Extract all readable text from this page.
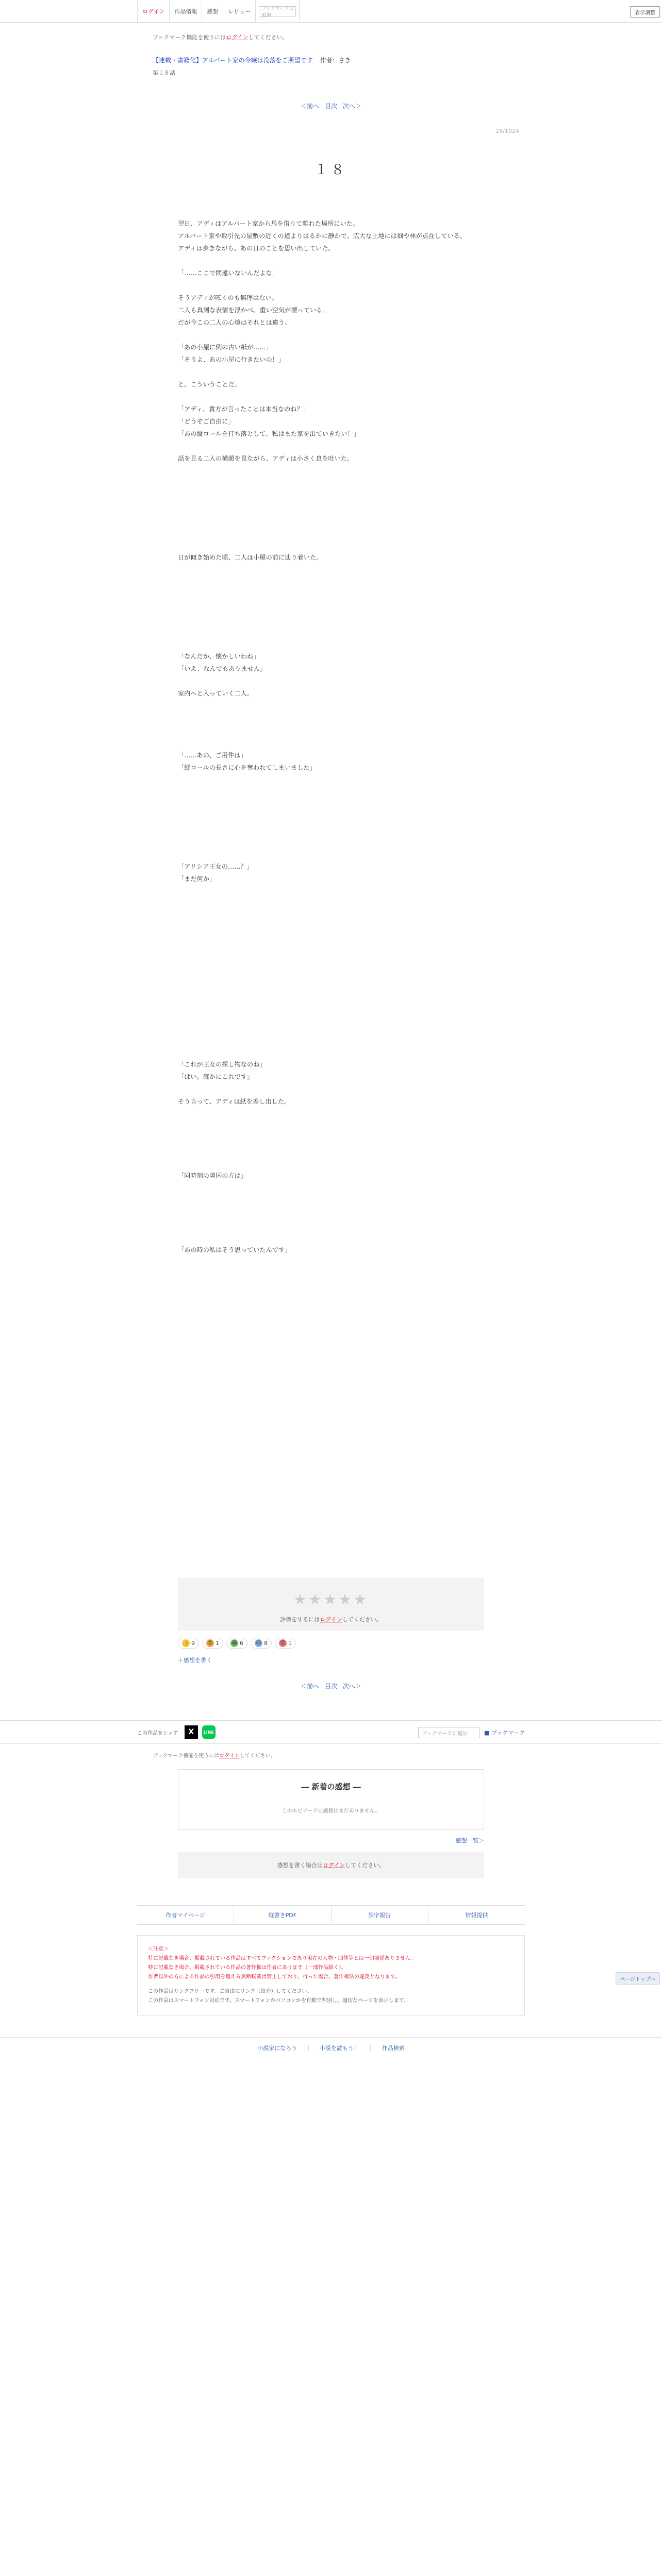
ログイン	作品情報	感想	レビュー	ブックマークに追加	表示調整
ブックマーク機能を使うにはログインしてください。
【連載・書籍化】アルバート家の令嬢は没落をご所望です 作者：さき
第１８話
＜前へ 目次 次へ＞
18/1024
１８

翌日、アディはアルバート家から馬を借りて離れた場所にいた。

アルバート家や取引先の屋敷の近くの道よりはるかに静かで、広大な土地には畑や林が点在している。

アディは歩きながら、あの日のことを思い出していた。

「……ここで間違いないんだよな」

そうアディが呟くのも無理はない。

二人も真剣な表情を浮かべ、重い空気が漂っている。

だが今この二人の心境はそれとは違う、

「あの小屋に例の古い紙が……」

「そうよ、あの小屋に行きたいの！」

と、こういうことだ。

「アディ、貴方が言ったことは本当なのね？」

「どうぞご自由に」

「あの縦ロールを打ち落として、私はまた家を出ていきたい！」

話を見る二人の横顔を見ながら、アディは小さく息を吐いた。

日が傾き始めた頃、二人は小屋の前に辿り着いた。

「なんだか、懐かしいわね」

「いえ、なんでもありません」

室内へと入っていく二人。

「……あの、ご用件は」

「縦ロールの長さに心を奪われてしまいました」

「アリシア王女の……？」

「まだ何か」

「これが王女の探し物なのね」

「はい。確かにこれです」

そう言って、アディは紙を差し出した。

「同時刻の隣国の方は」

「あの時の私はそう思っていたんです」

ページトップへ
★★★★★
評価をするにはログインしてください。
👍 9 😍 1 😂 6 😢 8 😡 1
＋感想を書く
＜前へ 目次 次へ＞
この作品をシェア	X	LINE	ブックマークに追加	■ ブックマーク
ブックマーク機能を使うにはログインしてください。
― 新着の感想 ―
このエピソードに感想はまだありません。
感想一覧＞
感想を書く場合はログインしてください。
作者マイページ	縦書きPDF	誤字報告	情報提供
＜注意＞
特に記載なき場合、掲載されている作品はすべてフィクションであり実在の人物・団体等とは一切関係ありません。
特に記載なき場合、掲載されている作品の著作権は作者にあります（一部作品除く）。
作者以外の方による作品の引用を超える無断転載は禁止しており、行った場合、著作権法の違反となります。
この作品はリンクフリーです。ご自由にリンク（紹介）してください。
この作品はスマートフォン対応です。スマートフォンかパソコンかを自動で判別し、適切なページを表示します。
小説家になろう | 小説を読もう！ | 作品検索
